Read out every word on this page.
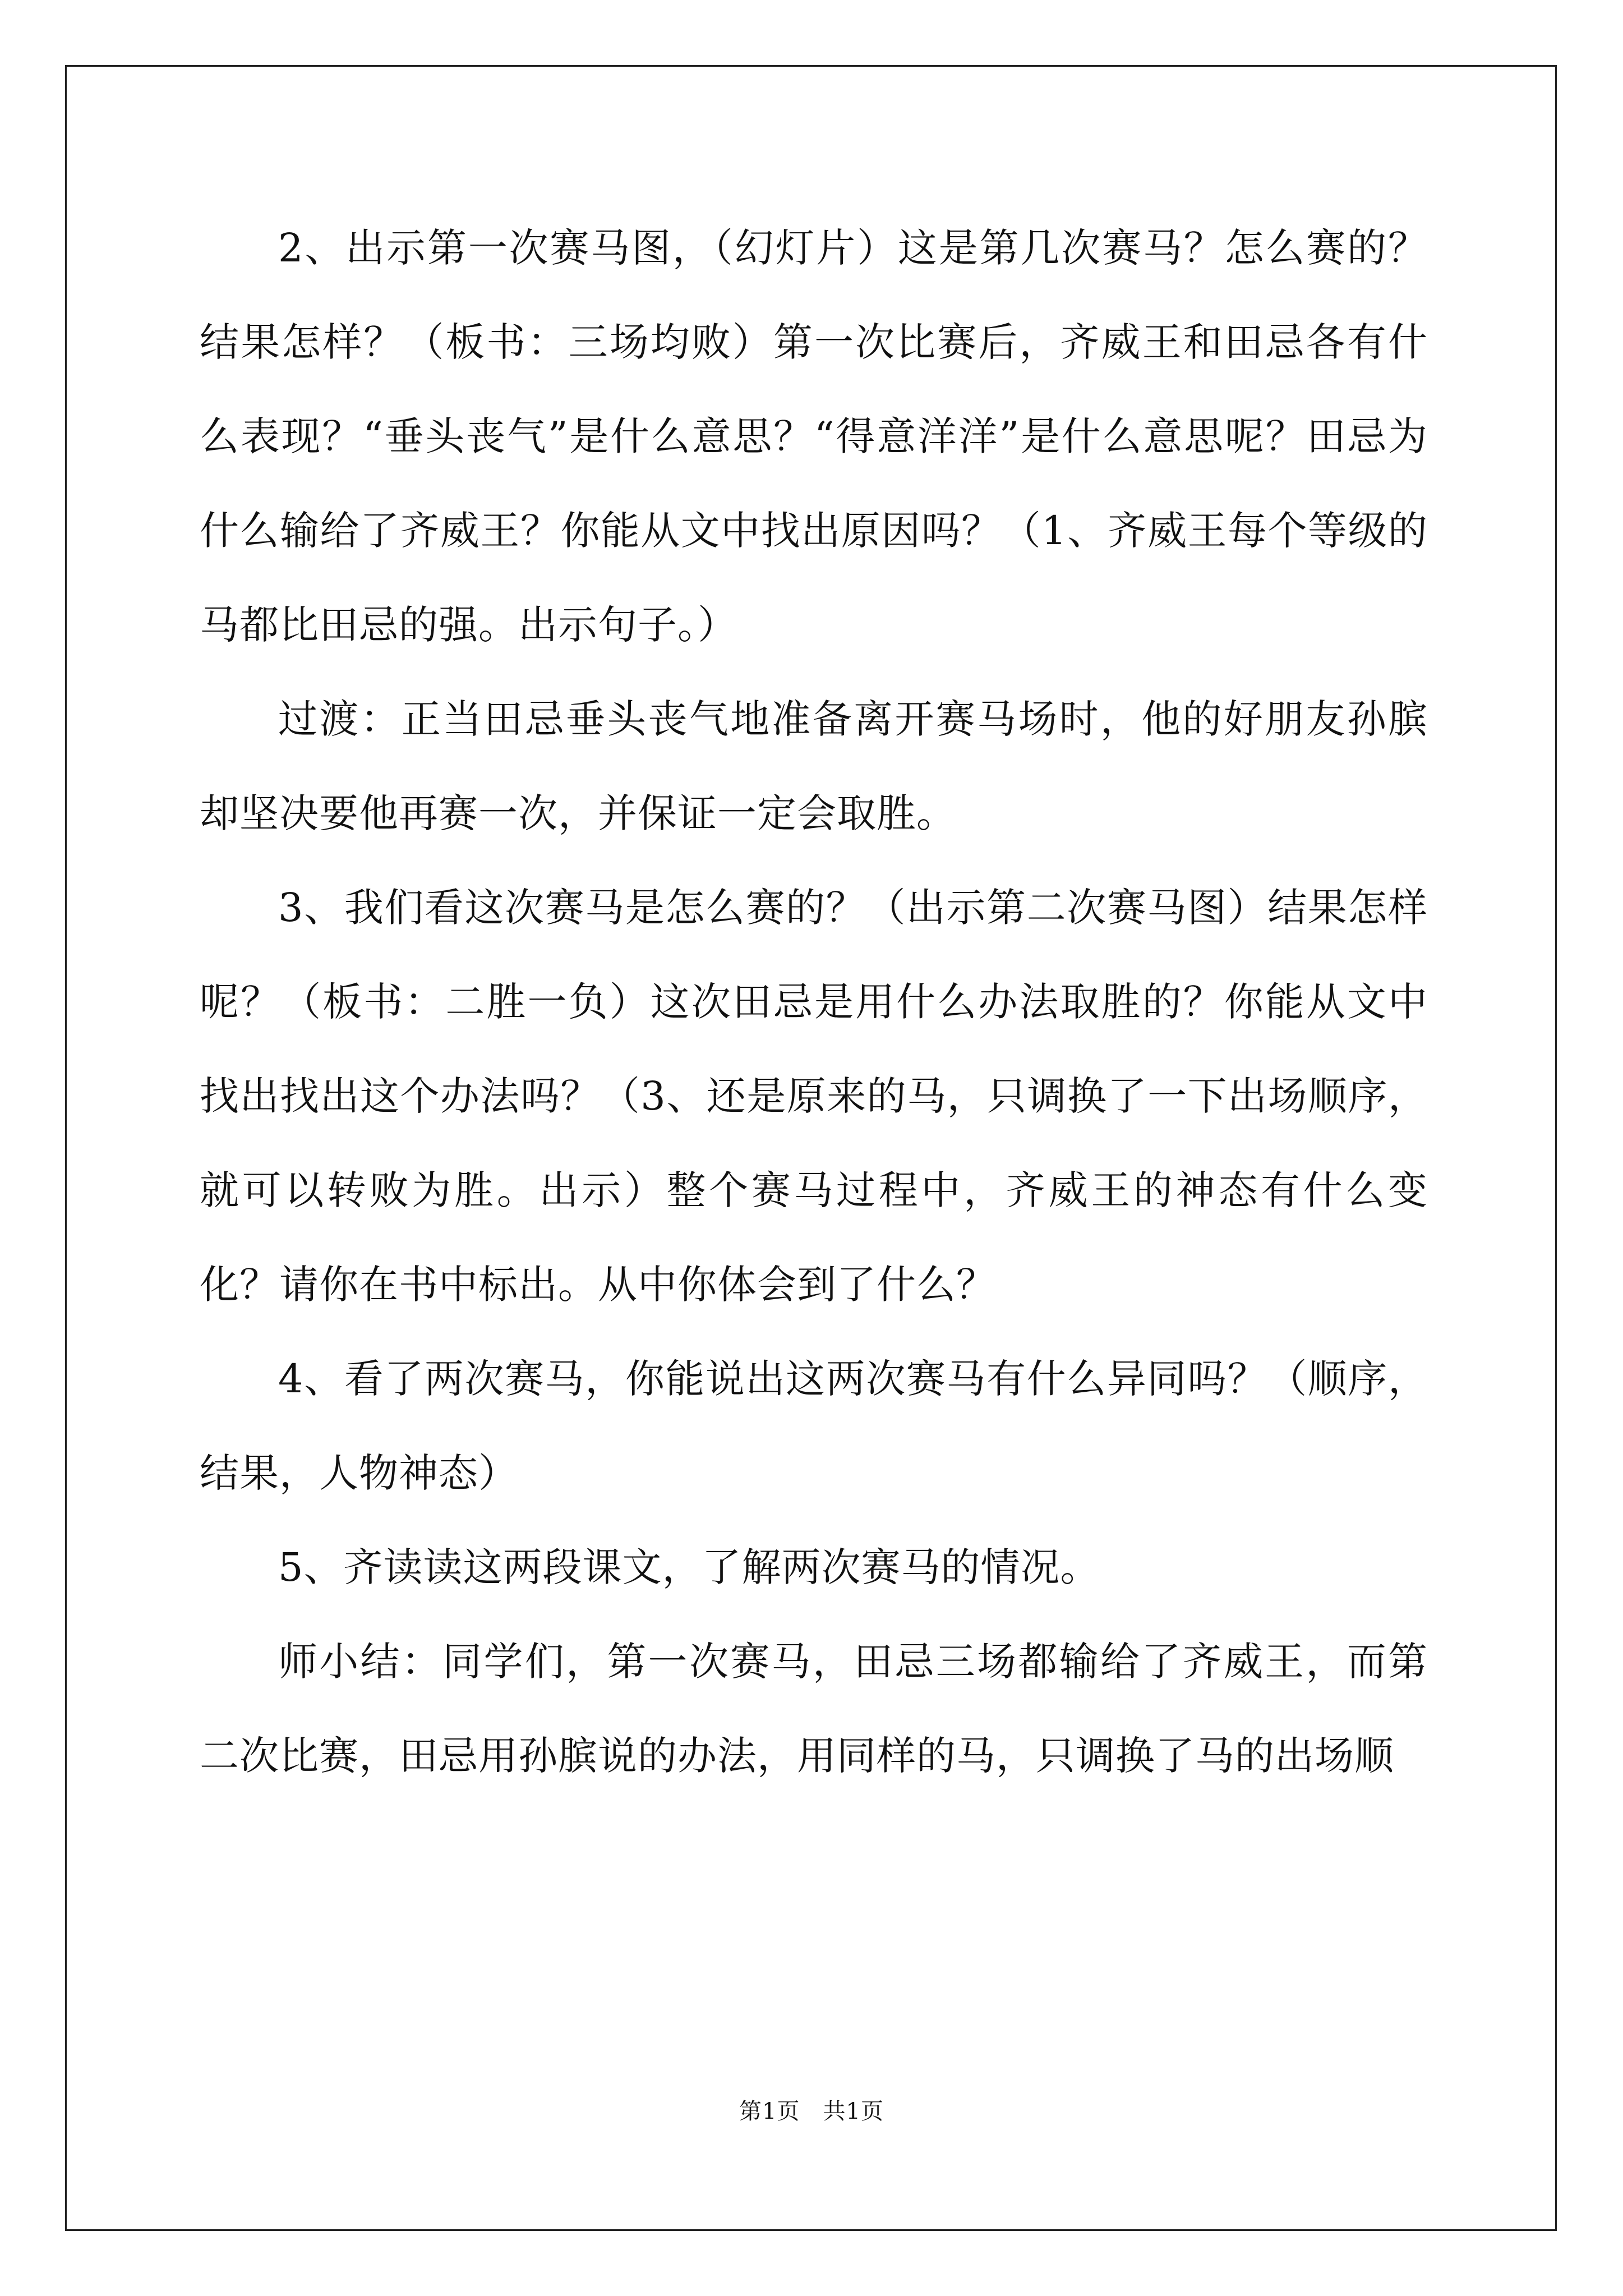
2、出示第一次赛马图，（幻灯片）这是第几次赛马？怎么赛的？结果怎样？（板书：三场均败）第一次比赛后，齐威王和田忌各有什么表现？“垂头丧气”是什么意思？“得意洋洋”是什么意思呢？田忌为什么输给了齐威王？你能从文中找出原因吗？（1、齐威王每个等级的马都比田忌的强。出示句子。）

过渡：正当田忌垂头丧气地准备离开赛马场时，他的好朋友孙膑却坚决要他再赛一次，并保证一定会取胜。

3、我们看这次赛马是怎么赛的？（出示第二次赛马图）结果怎样呢？（板书：二胜一负）这次田忌是用什么办法取胜的？你能从文中找出找出这个办法吗？（3、还是原来的马，只调换了一下出场顺序，就可以转败为胜。出示）整个赛马过程中，齐威王的神态有什么变化？请你在书中标出。从中你体会到了什么？

4、看了两次赛马，你能说出这两次赛马有什么异同吗？（顺序，结果，人物神态）

5、齐读读这两段课文，了解两次赛马的情况。

师小结：同学们，第一次赛马，田忌三场都输给了齐威王，而第二次比赛，田忌用孙膑说的办法，用同样的马，只调换了马的出场顺

第1页　共1页
